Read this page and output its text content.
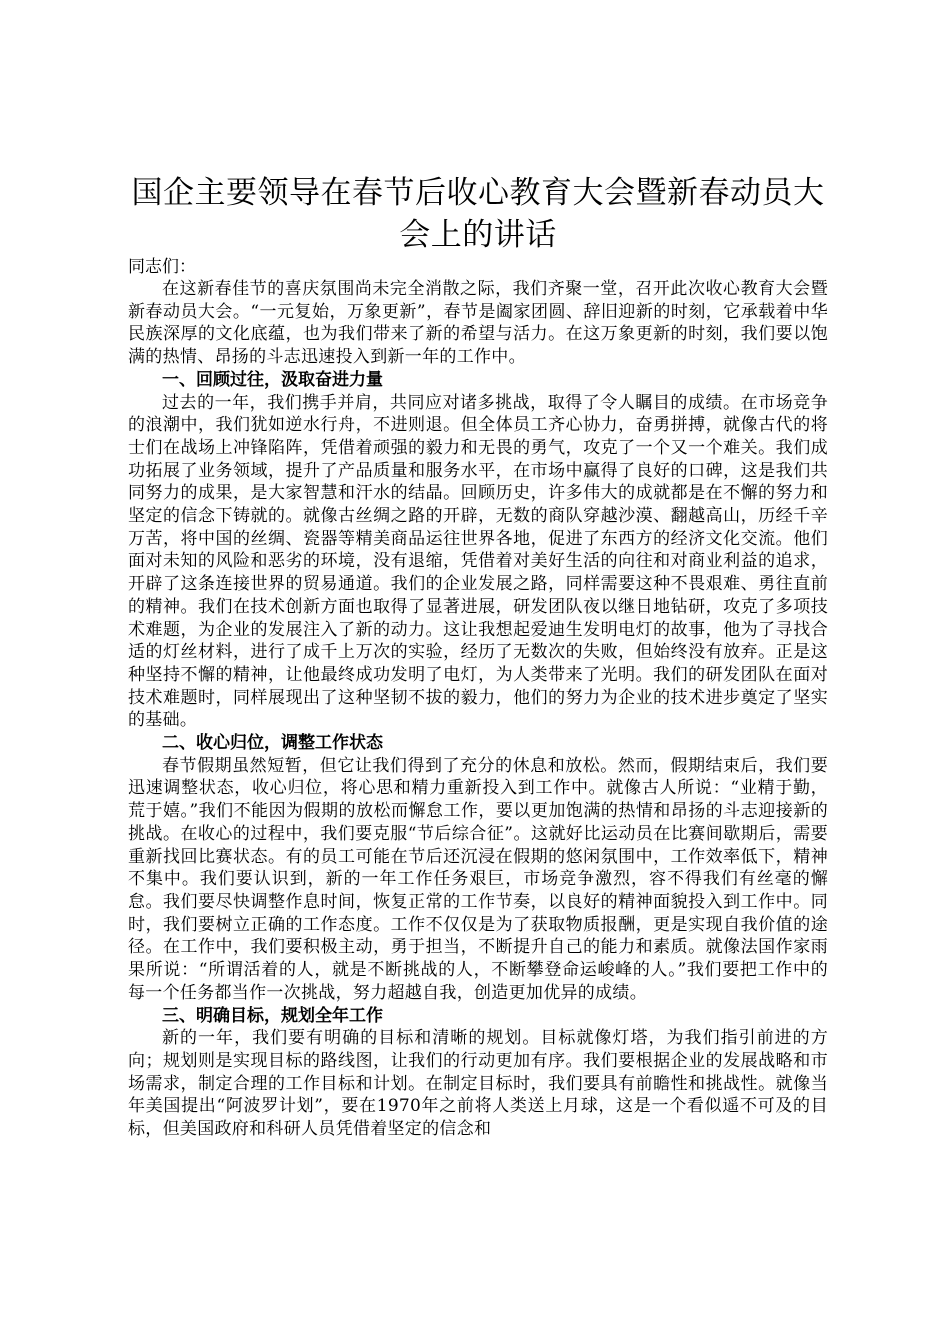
国企主要领导在春节后收心教育大会暨新春动员大会上的讲话

同志们：

在这新春佳节的喜庆氛围尚未完全消散之际，我们齐聚一堂，召开此次收心教育大会暨新春动员大会。“一元复始，万象更新”，春节是阖家团圆、辞旧迎新的时刻，它承载着中华民族深厚的文化底蕴，也为我们带来了新的希望与活力。在这万象更新的时刻，我们要以饱满的热情、昂扬的斗志迅速投入到新一年的工作中。

一、回顾过往，汲取奋进力量

过去的一年，我们携手并肩，共同应对诸多挑战，取得了令人瞩目的成绩。在市场竞争的浪潮中，我们犹如逆水行舟，不进则退。但全体员工齐心协力，奋勇拼搏，就像古代的将士们在战场上冲锋陷阵，凭借着顽强的毅力和无畏的勇气，攻克了一个又一个难关。我们成功拓展了业务领域，提升了产品质量和服务水平，在市场中赢得了良好的口碑，这是我们共同努力的成果，是大家智慧和汗水的结晶。回顾历史，许多伟大的成就都是在不懈的努力和坚定的信念下铸就的。就像古丝绸之路的开辟，无数的商队穿越沙漠、翻越高山，历经千辛万苦，将中国的丝绸、瓷器等精美商品运往世界各地，促进了东西方的经济文化交流。他们面对未知的风险和恶劣的环境，没有退缩，凭借着对美好生活的向往和对商业利益的追求，开辟了这条连接世界的贸易通道。我们的企业发展之路，同样需要这种不畏艰难、勇往直前的精神。我们在技术创新方面也取得了显著进展，研发团队夜以继日地钻研，攻克了多项技术难题，为企业的发展注入了新的动力。这让我想起爱迪生发明电灯的故事，他为了寻找合适的灯丝材料，进行了成千上万次的实验，经历了无数次的失败，但始终没有放弃。正是这种坚持不懈的精神，让他最终成功发明了电灯，为人类带来了光明。我们的研发团队在面对技术难题时，同样展现出了这种坚韧不拔的毅力，他们的努力为企业的技术进步奠定了坚实的基础。

二、收心归位，调整工作状态

春节假期虽然短暂，但它让我们得到了充分的休息和放松。然而，假期结束后，我们要迅速调整状态，收心归位，将心思和精力重新投入到工作中。就像古人所说：“业精于勤，荒于嬉。”我们不能因为假期的放松而懈怠工作，要以更加饱满的热情和昂扬的斗志迎接新的挑战。在收心的过程中，我们要克服“节后综合征”。这就好比运动员在比赛间歇期后，需要重新找回比赛状态。有的员工可能在节后还沉浸在假期的悠闲氛围中，工作效率低下，精神不集中。我们要认识到，新的一年工作任务艰巨，市场竞争激烈，容不得我们有丝毫的懈怠。我们要尽快调整作息时间，恢复正常的工作节奏，以良好的精神面貌投入到工作中。同时，我们要树立正确的工作态度。工作不仅仅是为了获取物质报酬，更是实现自我价值的途径。在工作中，我们要积极主动，勇于担当，不断提升自己的能力和素质。就像法国作家雨果所说：“所谓活着的人，就是不断挑战的人，不断攀登命运峻峰的人。”我们要把工作中的每一个任务都当作一次挑战，努力超越自我，创造更加优异的成绩。

三、明确目标，规划全年工作

新的一年，我们要有明确的目标和清晰的规划。目标就像灯塔，为我们指引前进的方向；规划则是实现目标的路线图，让我们的行动更加有序。我们要根据企业的发展战略和市场需求，制定合理的工作目标和计划。在制定目标时，我们要具有前瞻性和挑战性。就像当年美国提出“阿波罗计划”，要在1970年之前将人类送上月球，这是一个看似遥不可及的目标，但美国政府和科研人员凭借着坚定的信念和
